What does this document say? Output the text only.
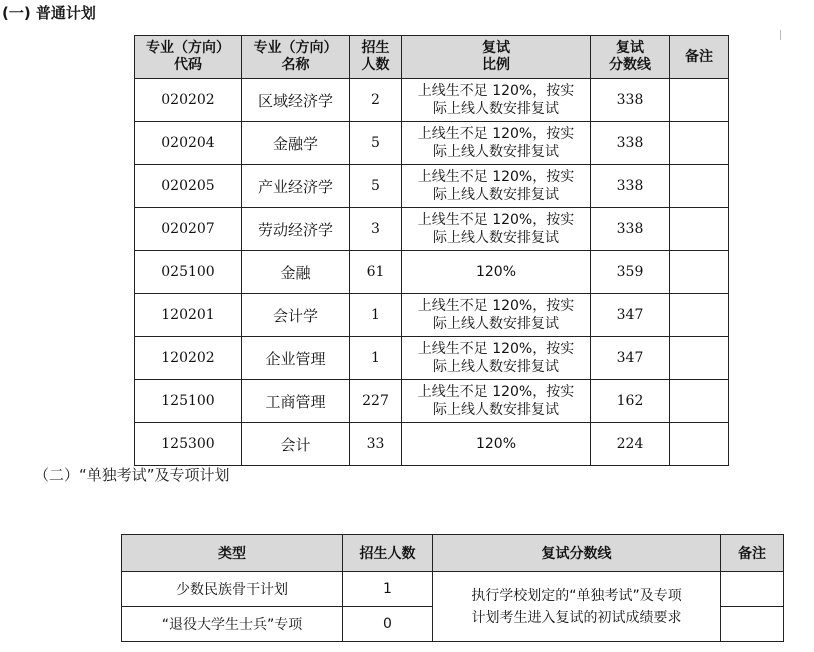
(一) 普通计划
专业（方向）
代码	专业（方向）
名称	招生
人数	复试
比例	复试
分数线	备注
020202	区域经济学	2	上线生不足 120%，按实
际上线人数安排复试	338	
020204	金融学	5	上线生不足 120%，按实
际上线人数安排复试	338	
020205	产业经济学	5	上线生不足 120%，按实
际上线人数安排复试	338	
020207	劳动经济学	3	上线生不足 120%，按实
际上线人数安排复试	338	
025100	金融	61	120%	359	
120201	会计学	1	上线生不足 120%，按实
际上线人数安排复试	347	
120202	企业管理	1	上线生不足 120%，按实
际上线人数安排复试	347	
125100	工商管理	227	上线生不足 120%，按实
际上线人数安排复试	162	
125300	会计	33	120%	224	
（二）“单独考试”及专项计划
类型	招生人数	复试分数线	备注
少数民族骨干计划	1	执行学校划定的“单独考试”及专项
计划考生进入复试的初试成绩要求	
“退役大学生士兵”专项	0		
